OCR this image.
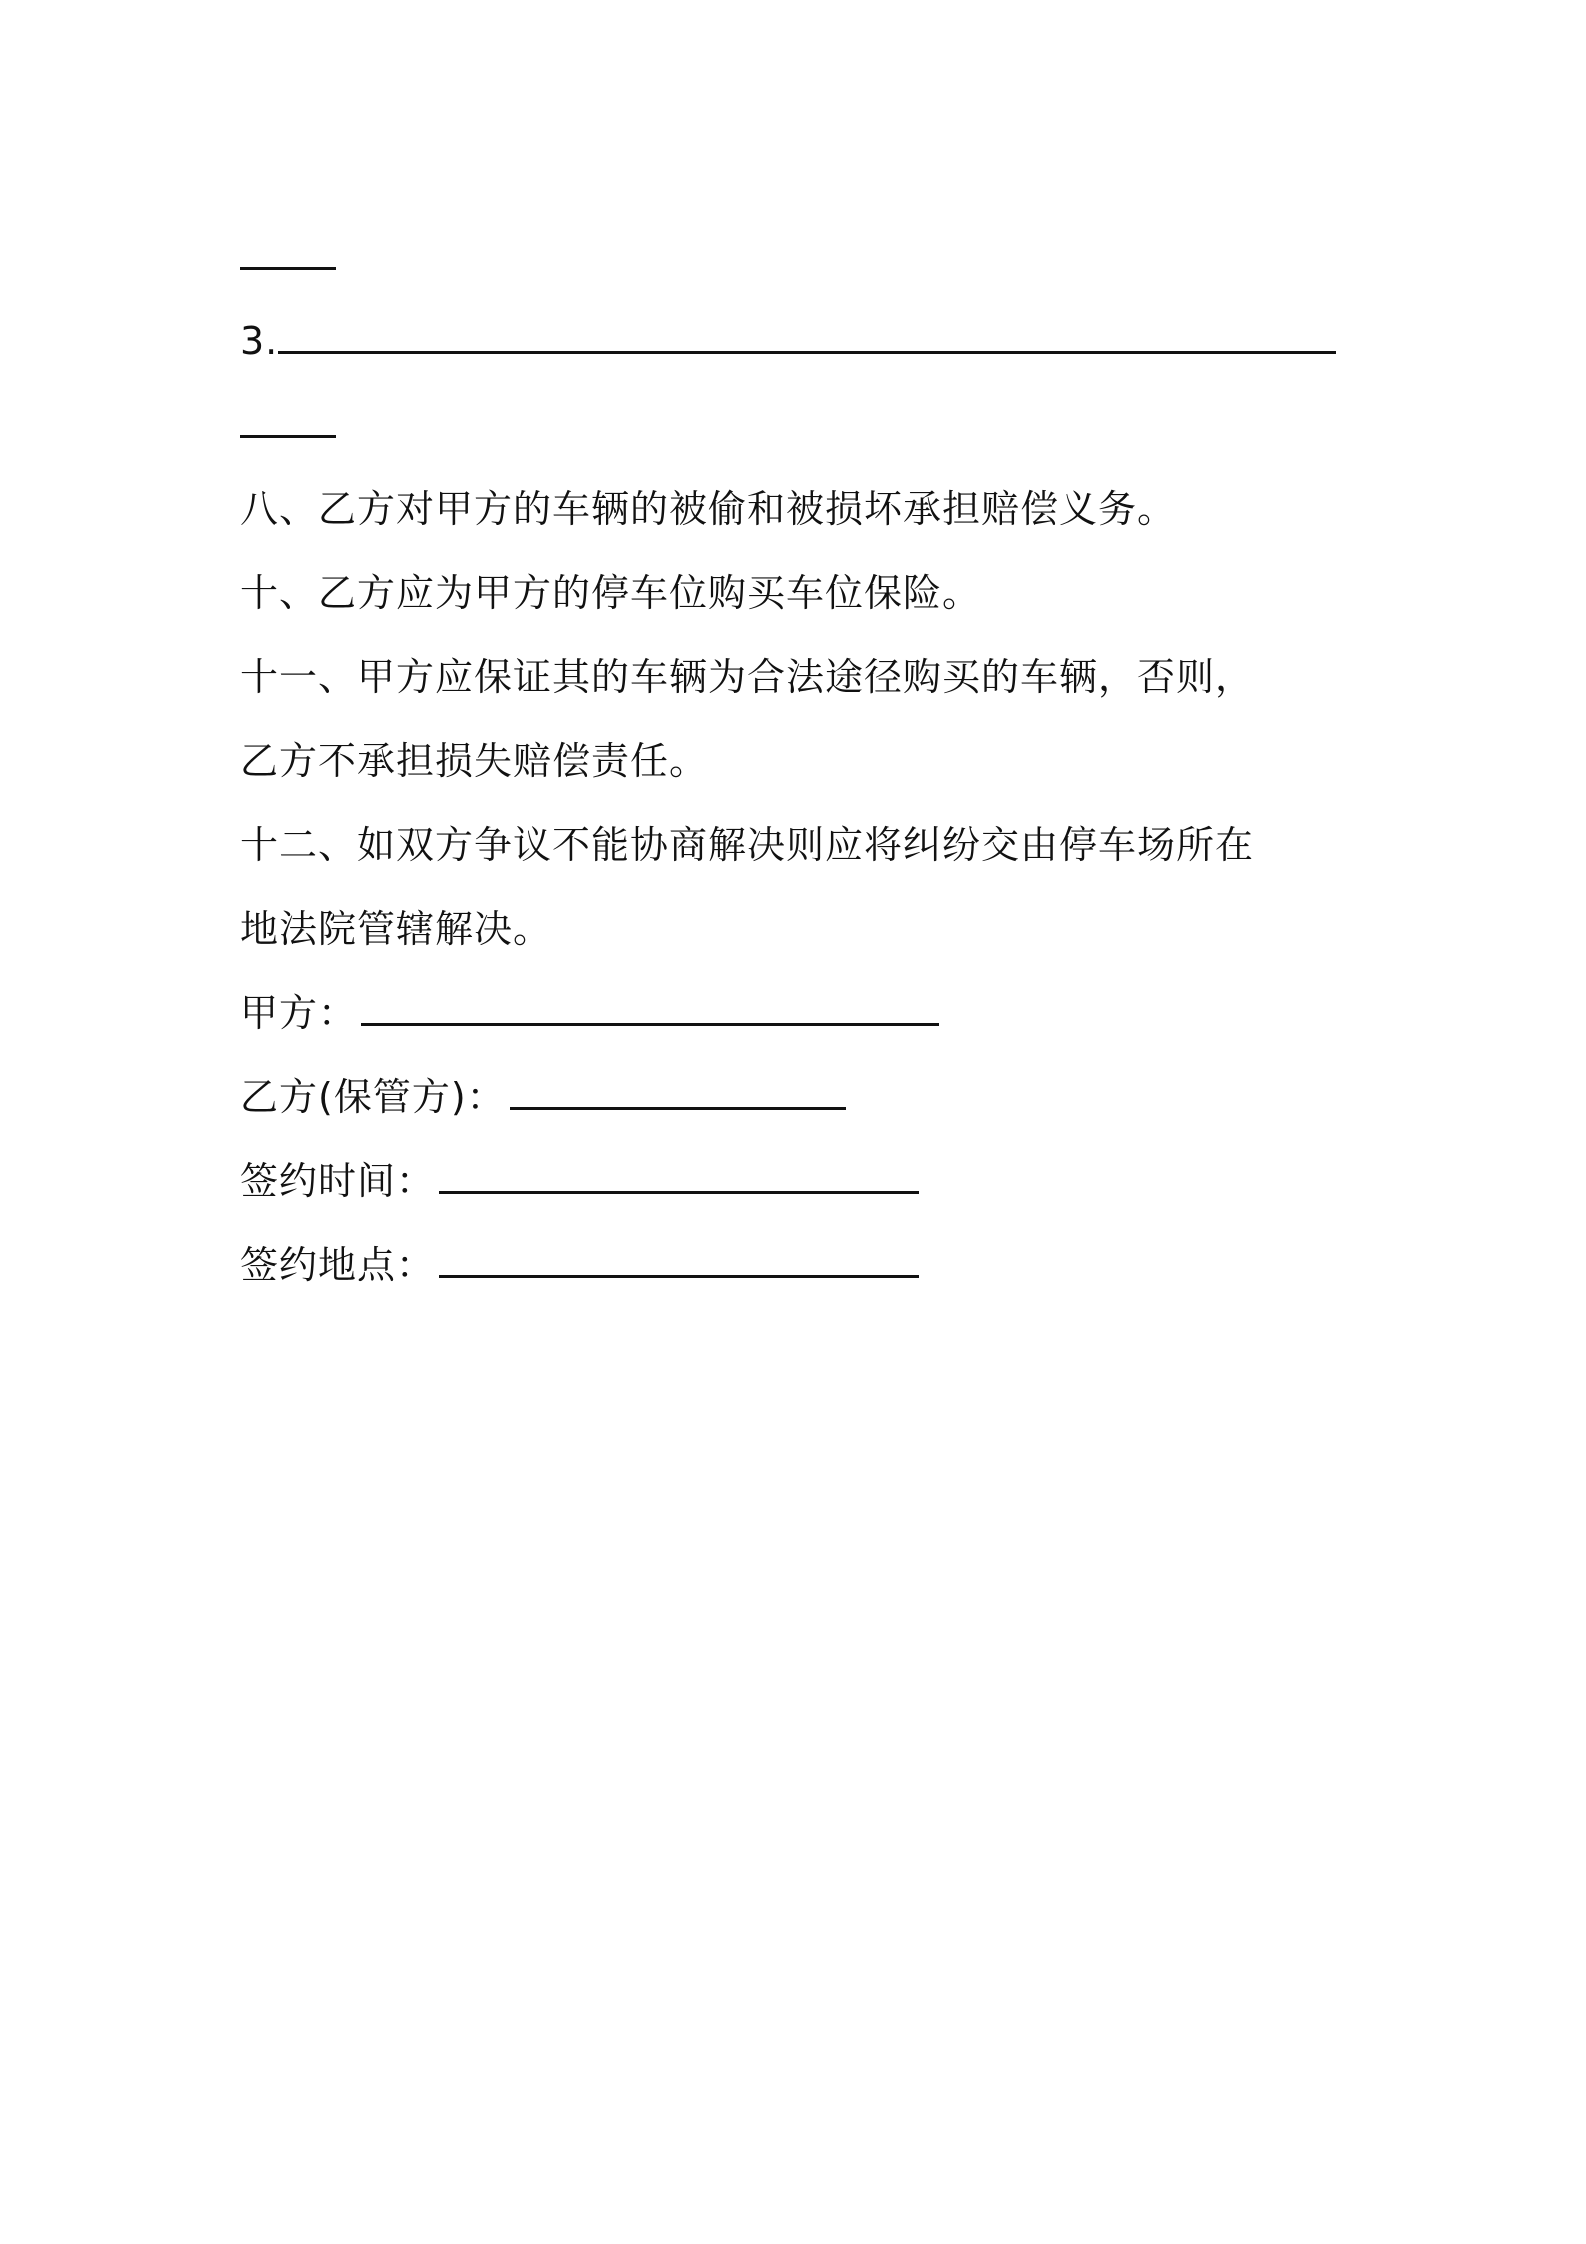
3.
八、乙方对甲方的车辆的被偷和被损坏承担赔偿义务。
十、乙方应为甲方的停车位购买车位保险。
十一、甲方应保证其的车辆为合法途径购买的车辆，否则，
乙方不承担损失赔偿责任。
十二、如双方争议不能协商解决则应将纠纷交由停车场所在
地法院管辖解决。
甲方：
乙方(保管方)：
签约时间：
签约地点：
